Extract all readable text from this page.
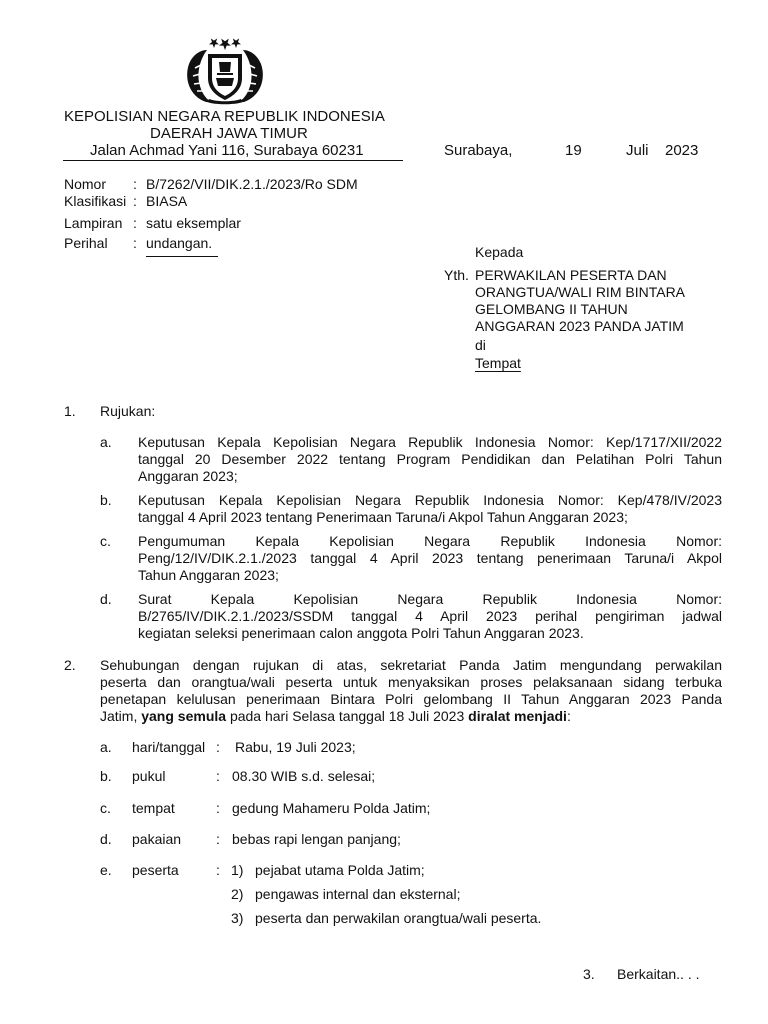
KEPOLISIAN NEGARA REPUBLIK INDONESIA
DAERAH JAWA TIMUR
Jalan Achmad Yani 116, Surabaya 60231	Surabaya,	19	Juli 2023
Nomor : B/7262/VII/DIK.2.1./2023/Ro SDM
Klasifikasi : BIASA
Lampiran : satu eksemplar
Perihal : undangan.
Kepada
Yth. PERWAKILAN PESERTA DAN
ORANGTUA/WALI RIM BINTARA
GELOMBANG II TAHUN
ANGGARAN 2023 PANDA JATIM
di
Tempat
1. Rujukan:
a. Keputusan Kepala Kepolisian Negara Republik Indonesia Nomor: Kep/1717/XII/2022
tanggal 20 Desember 2022 tentang Program Pendidikan dan Pelatihan Polri Tahun
Anggaran 2023;
b. Keputusan Kepala Kepolisian Negara Republik Indonesia Nomor: Kep/478/IV/2023
tanggal 4 April 2023 tentang Penerimaan Taruna/i Akpol Tahun Anggaran 2023;
c. Pengumuman Kepala Kepolisian Negara Republik Indonesia Nomor:
Peng/12/IV/DIK.2.1./2023 tanggal 4 April 2023 tentang penerimaan Taruna/i Akpol
Tahun Anggaran 2023;
d. Surat Kepala Kepolisian Negara Republik Indonesia Nomor:
B/2765/IV/DIK.2.1./2023/SSDM tanggal 4 April 2023 perihal pengiriman jadwal
kegiatan seleksi penerimaan calon anggota Polri Tahun Anggaran 2023.
2. Sehubungan dengan rujukan di atas, sekretariat Panda Jatim mengundang perwakilan
peserta dan orangtua/wali peserta untuk menyaksikan proses pelaksanaan sidang terbuka
penetapan kelulusan penerimaan Bintara Polri gelombang II Tahun Anggaran 2023 Panda
Jatim, yang semula pada hari Selasa tanggal 18 Juli 2023 diralat menjadi:
a. hari/tanggal : Rabu, 19 Juli 2023;
b. pukul	: 08.30 WIB s.d. selesai;
c. tempat	: gedung Mahameru Polda Jatim;
d. pakaian : bebas rapi lengan panjang;
e. peserta	: 1) pejabat utama Polda Jatim;
2) pengawas internal dan eksternal;
3) peserta dan perwakilan orangtua/wali peserta.
3. Berkaitan.. . .
